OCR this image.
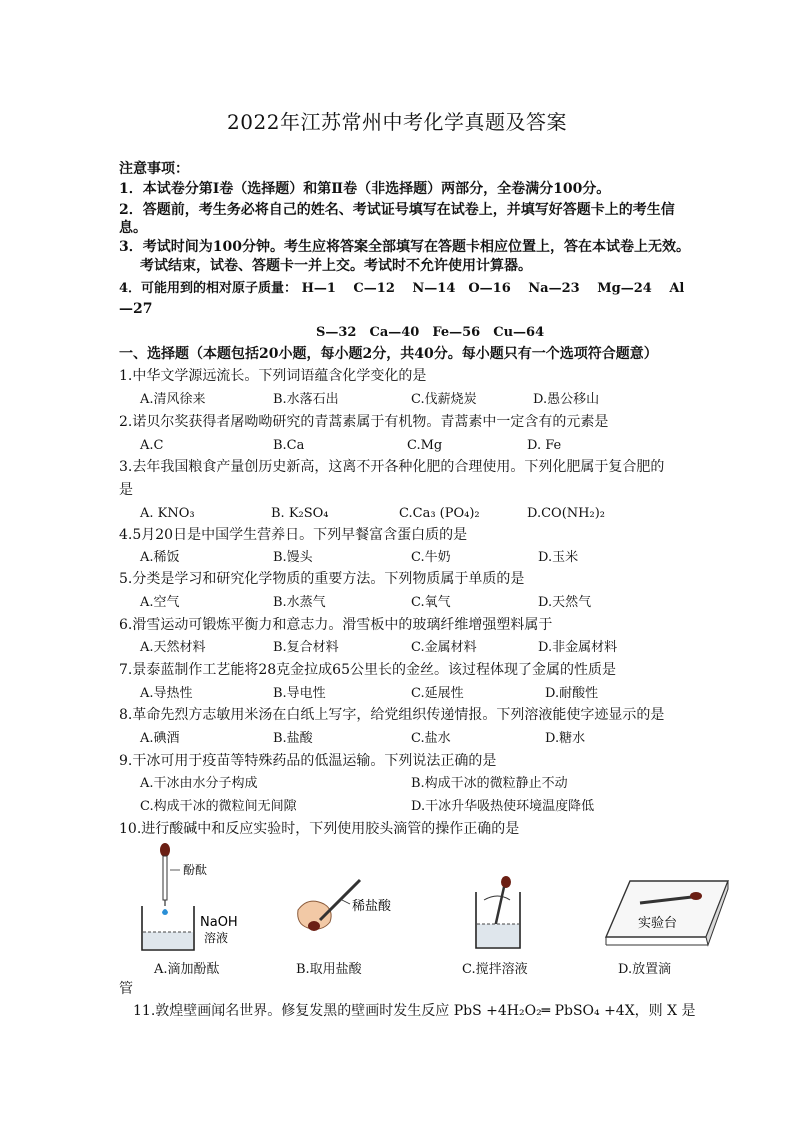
2022年江苏常州中考化学真题及答案
注意事项：
1．本试卷分第Ⅰ卷（选择题）和第Ⅱ卷（非选择题）两部分，全卷满分100分。
2．答题前，考生务必将自己的姓名、考试证号填写在试卷上，并填写好答题卡上的考生信
息。
3．考试时间为100分钟。考生应将答案全部填写在答题卡相应位置上，答在本试卷上无效。
考试结束，试卷、答题卡一并上交。考试时不允许使用计算器。
4．可能用到的相对原子质量： H—1　 C—12　 N—14　O—16　 Na—23　 Mg—24　 Al
—27
S—32　Ca—40　Fe—56　Cu—64
一、选择题（本题包括20小题，每小题2分，共40分。每小题只有一个选项符合题意）
1.中华文学源远流长。下列词语蕴含化学变化的是
A.清风徐来	B.水落石出	C.伐薪烧炭	D.愚公移山
2.诺贝尔奖获得者屠呦呦研究的青蒿素属于有机物。青蒿素中一定含有的元素是
A.C	B.Ca	C.Mg	D. Fe
3.去年我国粮食产量创历史新高，这离不开各种化肥的合理使用。下列化肥属于复合肥的
是
A. KNO₃	B. K₂SO₄	C.Ca₃ (PO₄)₂	D.CO(NH₂)₂
4.5月20日是中国学生营养日。下列早餐富含蛋白质的是
A.稀饭	B.馒头	C.牛奶	D.玉米
5.分类是学习和研究化学物质的重要方法。下列物质属于单质的是
A.空气	B.水蒸气	C.氧气	D.天然气
6.滑雪运动可锻炼平衡力和意志力。滑雪板中的玻璃纤维增强塑料属于
A.天然材料	B.复合材料	C.金属材料	D.非金属材料
7.景泰蓝制作工艺能将28克金拉成65公里长的金丝。该过程体现了金属的性质是
A.导热性	B.导电性	C.延展性	D.耐酸性
8.革命先烈方志敏用米汤在白纸上写字，给党组织传递情报。下列溶液能使字迹显示的是
A.碘酒	B.盐酸	C.盐水	D.糖水
9.干冰可用于疫苗等特殊药品的低温运输。下列说法正确的是
A.干冰由水分子构成	B.构成干冰的微粒静止不动
C.构成干冰的微粒间无间隙	D.干冰升华吸热使环境温度降低
10.进行酸碱中和反应实验时，下列使用胶头滴管的操作正确的是
酚酞
NaOH
溶液
稀盐酸
实验台
A.滴加酚酞	B.取用盐酸	C.搅拌溶液	D.放置滴
管
11.敦煌壁画闻名世界。修复发黑的壁画时发生反应 PbS +4H₂O₂═ PbSO₄ +4X，则 X 是
